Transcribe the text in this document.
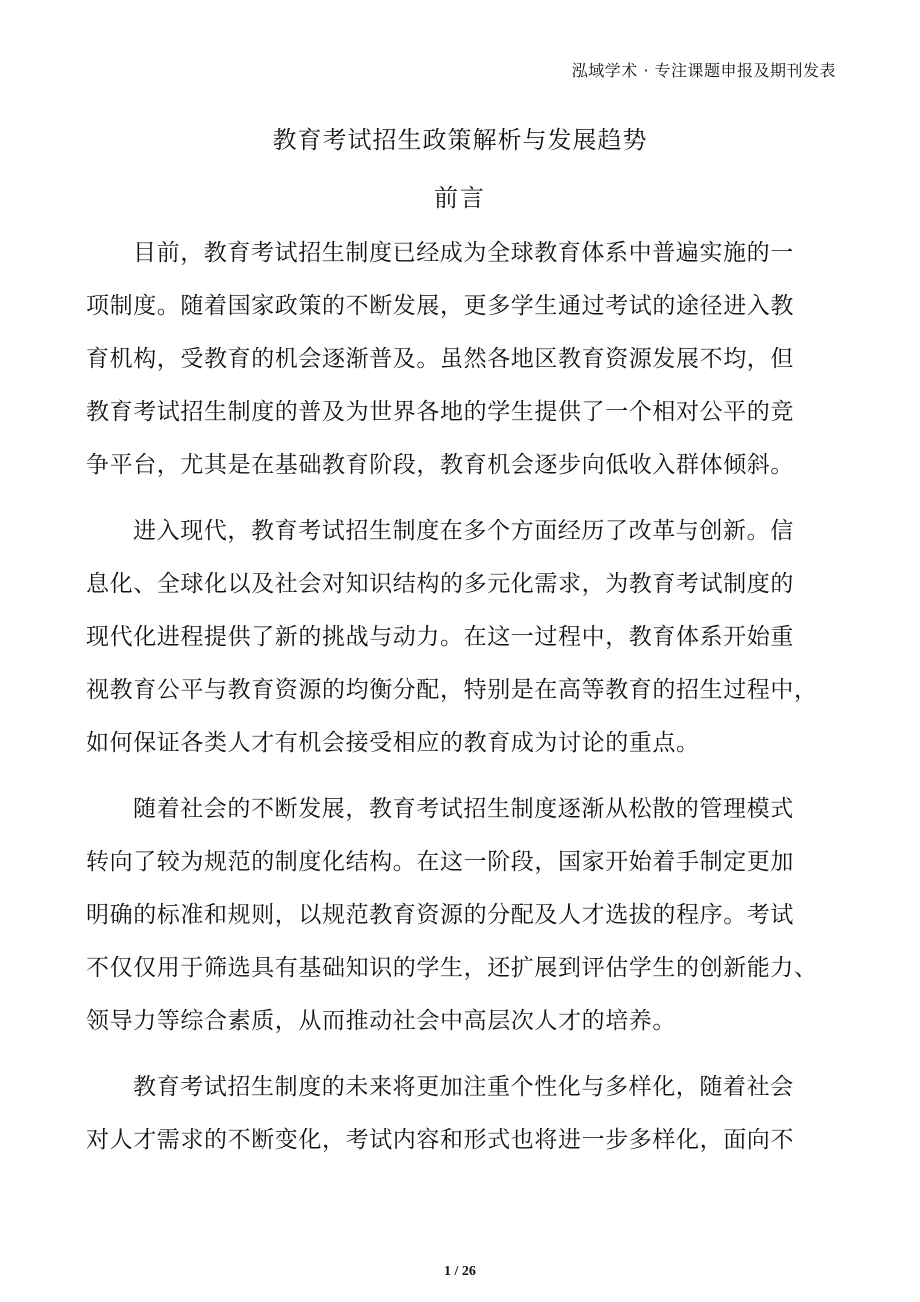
泓域学术 · 专注课题申报及期刊发表
教育考试招生政策解析与发展趋势
前言
目前，教育考试招生制度已经成为全球教育体系中普遍实施的一
项制度。随着国家政策的不断发展，更多学生通过考试的途径进入教
育机构，受教育的机会逐渐普及。虽然各地区教育资源发展不均，但
教育考试招生制度的普及为世界各地的学生提供了一个相对公平的竞
争平台，尤其是在基础教育阶段，教育机会逐步向低收入群体倾斜。
进入现代，教育考试招生制度在多个方面经历了改革与创新。信
息化、全球化以及社会对知识结构的多元化需求，为教育考试制度的
现代化进程提供了新的挑战与动力。在这一过程中，教育体系开始重
视教育公平与教育资源的均衡分配，特别是在高等教育的招生过程中，
如何保证各类人才有机会接受相应的教育成为讨论的重点。
随着社会的不断发展，教育考试招生制度逐渐从松散的管理模式
转向了较为规范的制度化结构。在这一阶段，国家开始着手制定更加
明确的标准和规则，以规范教育资源的分配及人才选拔的程序。考试
不仅仅用于筛选具有基础知识的学生，还扩展到评估学生的创新能力、
领导力等综合素质，从而推动社会中高层次人才的培养。
教育考试招生制度的未来将更加注重个性化与多样化，随着社会
对人才需求的不断变化，考试内容和形式也将进一步多样化，面向不
1 / 26
